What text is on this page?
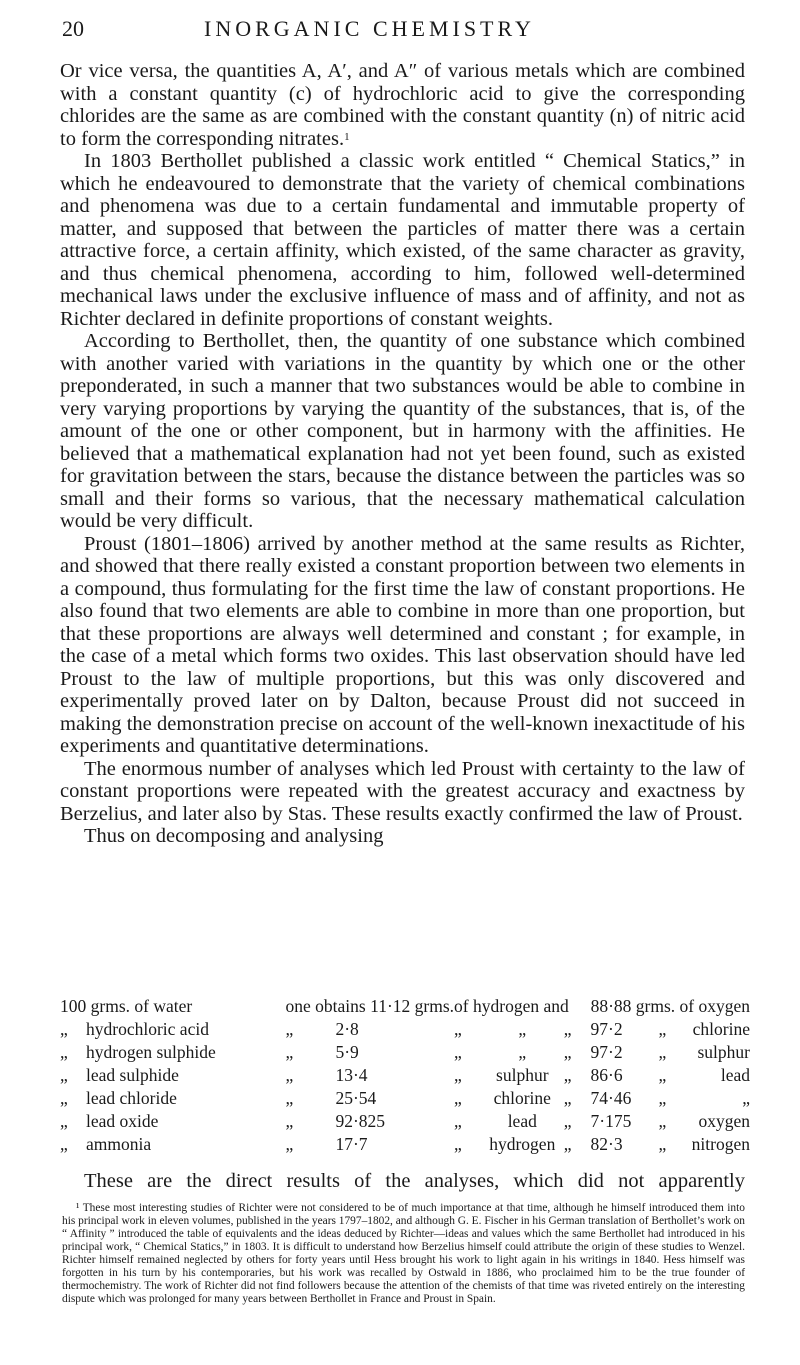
20	INORGANIC CHEMISTRY

Or vice versa, the quantities A, A′, and A″ of various metals which are combined with a constant quantity (c) of hydrochloric acid to give the corresponding chlorides are the same as are combined with the constant quantity (n) of nitric acid to form the corresponding nitrates.$^1$

In 1803 Berthollet published a classic work entitled “ Chemical Statics,” in which he endeavoured to demonstrate that the variety of chemical combinations and phenomena was due to a certain fundamental and immutable property of matter, and supposed that between the particles of matter there was a certain attractive force, a certain affinity, which existed, of the same character as gravity, and thus chemical phenomena, according to him, followed well-determined mechanical laws under the exclusive influence of mass and of affinity, and not as Richter declared in definite proportions of constant weights.

According to Berthollet, then, the quantity of one substance which combined with another varied with variations in the quantity by which one or the other preponderated, in such a manner that two substances would be able to combine in very varying proportions by varying the quantity of the substances, that is, of the amount of the one or other component, but in harmony with the affinities. He believed that a mathematical explanation had not yet been found, such as existed for gravitation between the stars, because the distance between the particles was so small and their forms so various, that the necessary mathematical calculation would be very difficult.

Proust (1801–1806) arrived by another method at the same results as Richter, and showed that there really existed a constant proportion between two elements in a compound, thus formulating for the first time the law of constant proportions. He also found that two elements are able to combine in more than one proportion, but that these proportions are always well determined and constant ; for example, in the case of a metal which forms two oxides. This last observation should have led Proust to the law of multiple proportions, but this was only discovered and experimentally proved later on by Dalton, because Proust did not succeed in making the demonstration precise on account of the well-known inexactitude of his experiments and quantitative determinations.

The enormous number of analyses which led Proust with certainty to the law of constant proportions were repeated with the greatest accuracy and exactness by Berzelius, and later also by Stas. These results exactly confirmed the law of Proust.

Thus on decomposing and analysing

100 grms. of water		one obtains 11·12 grms.		of hydrogen and			88·88 grms. of oxygen		
„	hydrochloric acid	„	2·8	„	„	„	97·2	„	chlorine
„	hydrogen sulphide	„	5·9	„	„	„	97·2	„	sulphur
„	lead sulphide	„	13·4	„	sulphur	„	86·6	„	lead
„	lead chloride	„	25·54	„	chlorine	„	74·46	„	„
„	lead oxide	„	92·825	„	lead	„	7·175	„	oxygen
„	ammonia	„	17·7	„	hydrogen	„	82·3	„	nitrogen
These are the direct results of the analyses, which did not apparently

¹ These most interesting studies of Richter were not considered to be of much importance at that time, although he himself introduced them into his principal work in eleven volumes, published in the years 1797–1802, and although G. E. Fischer in his German translation of Berthollet’s work on “ Affinity ” introduced the table of equivalents and the ideas deduced by Richter—ideas and values which the same Berthollet had introduced in his principal work, “ Chemical Statics,” in 1803. It is difficult to understand how Berzelius himself could attribute the origin of these studies to Wenzel. Richter himself remained neglected by others for forty years until Hess brought his work to light again in his writings in 1840. Hess himself was forgotten in his turn by his contemporaries, but his work was recalled by Ostwald in 1886, who proclaimed him to be the true founder of thermochemistry. The work of Richter did not find followers because the attention of the chemists of that time was riveted entirely on the interesting dispute which was prolonged for many years between Berthollet in France and Proust in Spain.
